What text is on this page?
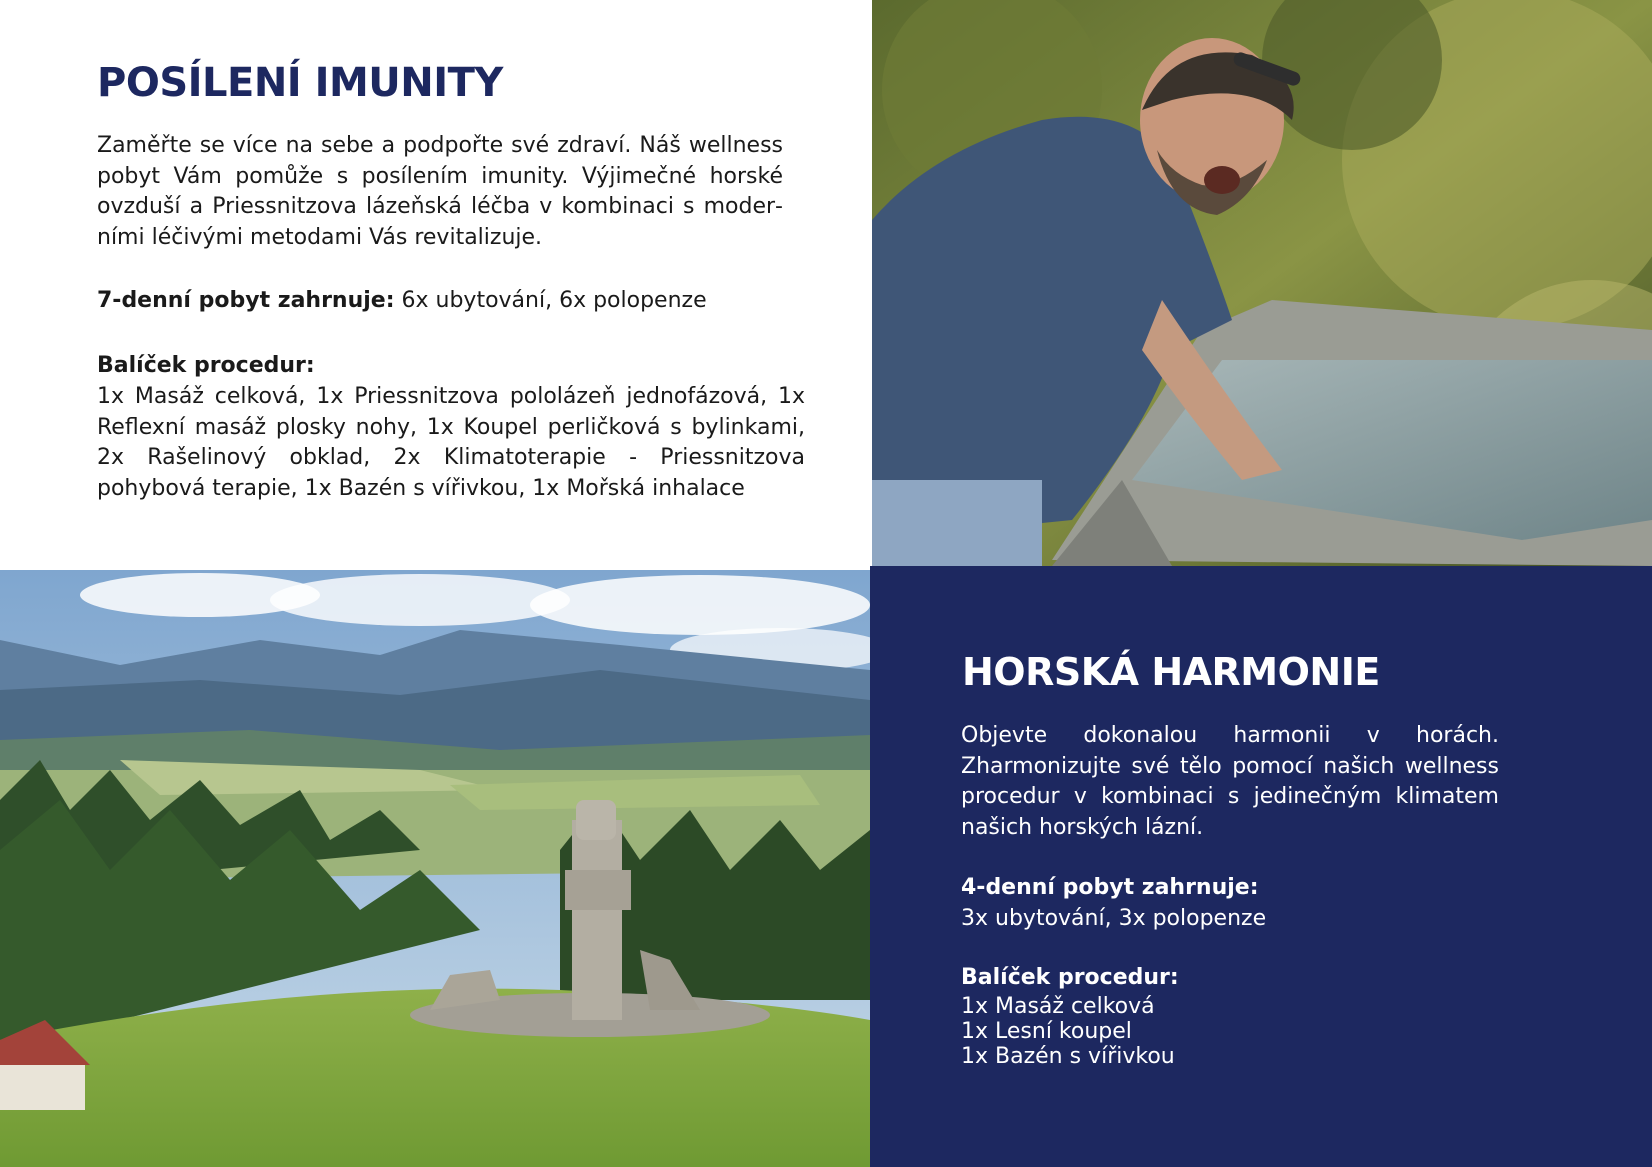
POSÍLENÍ IMUNITY
Zaměřte se více na sebe a podpořte své zdraví. Náš wellness pobyt Vám pomůže s posílením imunity. Výjimečné horské ovzduší a Priessnitzova lázeňská léčba v kombinaci s moderními léčivými metodami Vás revitalizuje.
7-denní pobyt zahrnuje: 6x ubytování, 6x polopenze
Balíček procedur:
1x Masáž celková, 1x Priessnitzova pololázeň jednofázová, 1x Reflexní masáž plosky nohy, 1x Koupel perličková s bylinkami, 2x Rašelinový obklad, 2x Klimatoterapie - Priessnitzova pohybová terapie, 1x Bazén s vířivkou, 1x Mořská inhalace
HORSKÁ HARMONIE
Objevte dokonalou harmonii v horách. Zharmonizujte své tělo pomocí našich wellness procedur v kombinaci s jedinečným klimatem našich horských lázní.
4-denní pobyt zahrnuje:
3x ubytování, 3x polopenze
Balíček procedur:
1x Masáž celková
1x Lesní koupel
1x Bazén s vířivkou
